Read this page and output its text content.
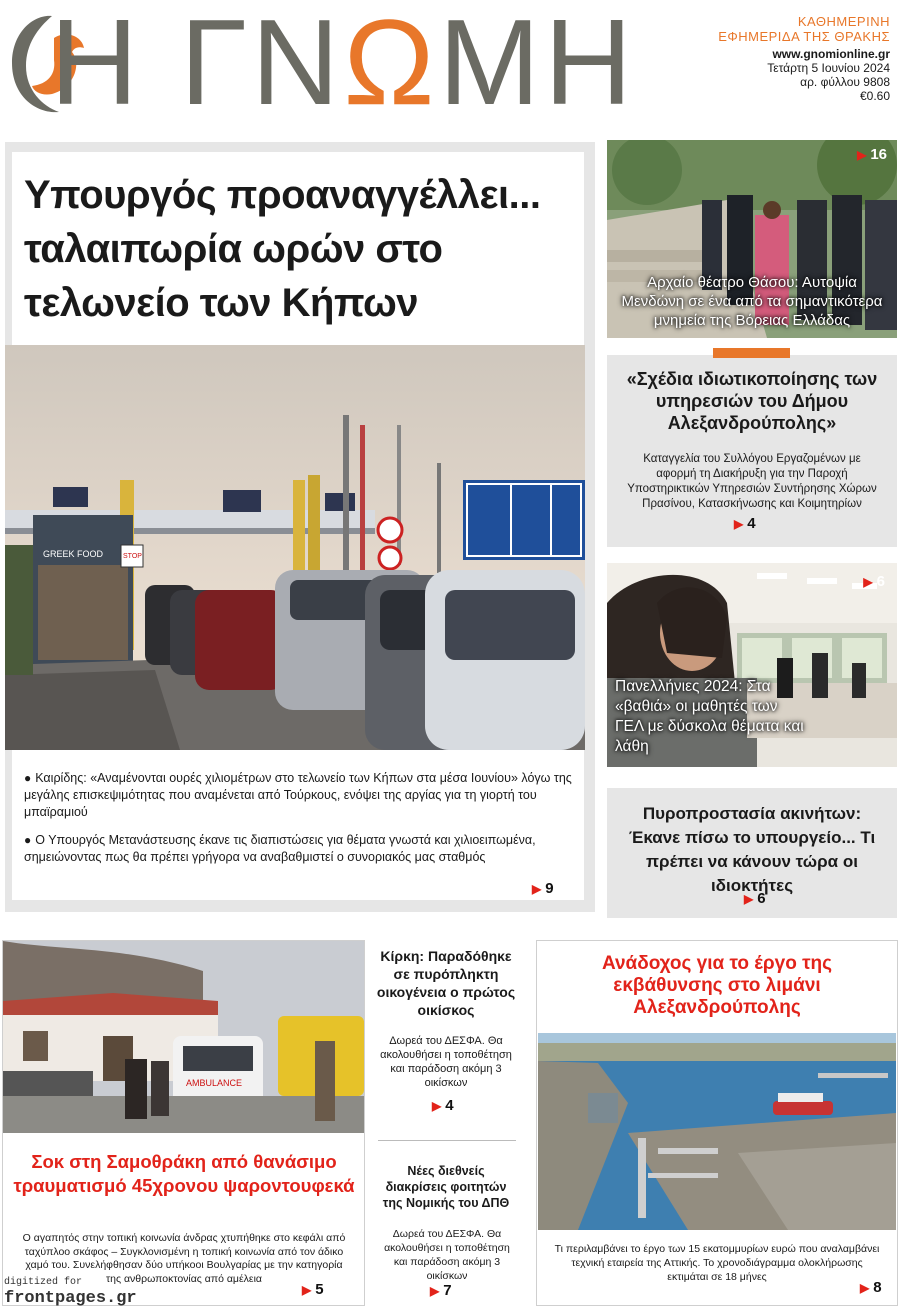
Η ΓΝΩΜΗ	ΚΑΘΗΜΕΡΙΝΗ
ΕΦΗΜΕΡΙΔΑ ΤΗΣ ΘΡΑΚΗΣ
www.gnomionline.gr
Τετάρτη 5 Ιουνίου 2024
αρ. φύλλου 9808
€0.60
Υπουργός προαναγγέλλει... ταλαιπωρία ωρών στο τελωνείο των Κήπων
GREEK FOOD	STOP
● Καιρίδης: «Αναμένονται ουρές χιλιομέτρων στο τελωνείο των Κήπων στα μέσα Ιουνίου» λόγω της μεγάλης επισκεψιμότητας που αναμένεται από Τούρκους, ενόψει της αργίας για τη γιορτή του μπαϊραμιού
● Ο Υπουργός Μετανάστευσης έκανε τις διαπιστώσεις για θέματα γνωστά και χιλιοειπωμένα, σημειώνοντας πως θα πρέπει γρήγορα να αναβαθμιστεί ο συνοριακός μας σταθμός
▶ 9
▶ 16
Αρχαίο θέατρο Θάσου: Αυτοψία Μενδώνη σε ένα από τα σημαντικότερα μνημεία της Βόρειας Ελλάδας
«Σχέδια ιδιωτικοποίησης των υπηρεσιών του Δήμου Αλεξανδρούπολης»
Καταγγελία του Συλλόγου Εργαζομένων με αφορμή τη Διακήρυξη για την Παροχή Υποστηρικτικών Υπηρεσιών Συντήρησης Χώρων Πρασίνου, Κατασκήνωσης και Κοιμητηρίων
▶ 4
▶ 6
Πανελλήνιες 2024: Στα «βαθιά» οι μαθητές των ΓΕΛ με δύσκολα θέματα και λάθη
Πυροπροστασία ακινήτων: Έκανε πίσω το υπουργείο... Τι πρέπει να κάνουν τώρα οι ιδιοκτήτες
▶ 6
AMBULANCE
Σοκ στη Σαμοθράκη από θανάσιμο τραυματισμό 45χρονου ψαροντουφεκά
Ο αγαπητός στην τοπική κοινωνία άνδρας χτυπήθηκε στο κεφάλι από ταχύπλοο σκάφος – Συγκλονισμένη η τοπική κοινωνία από τον άδικο χαμό του. Συνελήφθησαν δύο υπήκοοι Βουλγαρίας με την κατηγορία της ανθρωποκτονίας από αμέλεια
▶ 5
Κίρκη: Παραδόθηκε σε πυρόπληκτη οικογένεια ο πρώτος οικίσκος
Δωρεά του ΔΕΣΦΑ. Θα ακολουθήσει η τοποθέτηση και παράδοση ακόμη 3 οικίσκων
▶ 4
Νέες διεθνείς διακρίσεις φοιτητών της Νομικής του ΔΠΘ
Δωρεά του ΔΕΣΦΑ. Θα ακολουθήσει η τοποθέτηση και παράδοση ακόμη 3 οικίσκων
▶ 7
Ανάδοχος για το έργο της εκβάθυνσης στο λιμάνι Αλεξανδρούπολης
Τι περιλαμβάνει το έργο των 15 εκατομμυρίων ευρώ που αναλαμβάνει τεχνική εταιρεία της Αττικής. Το χρονοδιάγραμμα ολοκλήρωσης εκτιμάται σε 18 μήνες
▶ 8
digitized for
frontpages.gr
